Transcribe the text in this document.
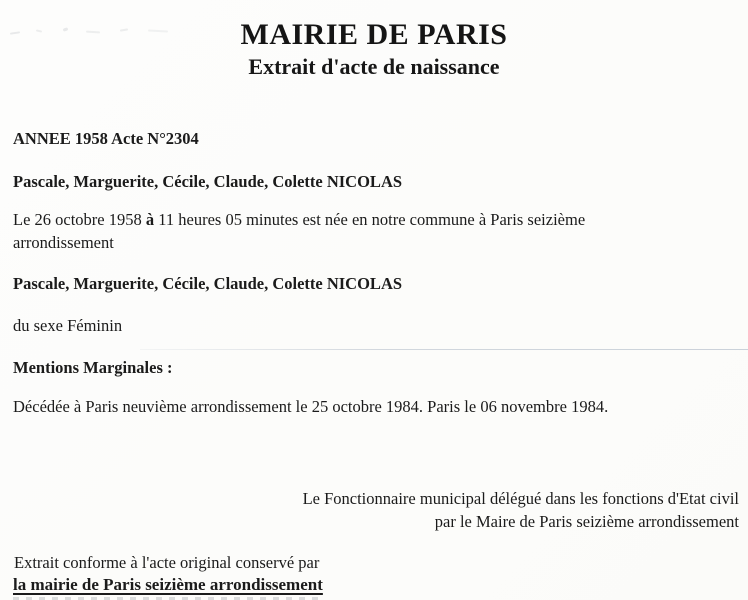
MAIRIE DE PARIS
Extrait d'acte de naissance
ANNEE 1958 Acte N°2304
Pascale, Marguerite, Cécile, Claude, Colette NICOLAS
Le 26 octobre 1958 à 11 heures 05 minutes est née en notre commune à Paris seizième arrondissement
Pascale, Marguerite, Cécile, Claude, Colette NICOLAS
du sexe Féminin
Mentions Marginales :
Décédée à Paris neuvième arrondissement le 25 octobre 1984. Paris le 06 novembre 1984.
Le Fonctionnaire municipal délégué dans les fonctions d'Etat civil
par le Maire de Paris seizième arrondissement
Extrait conforme à l'acte original conservé par
la mairie de Paris seizième arrondissement
